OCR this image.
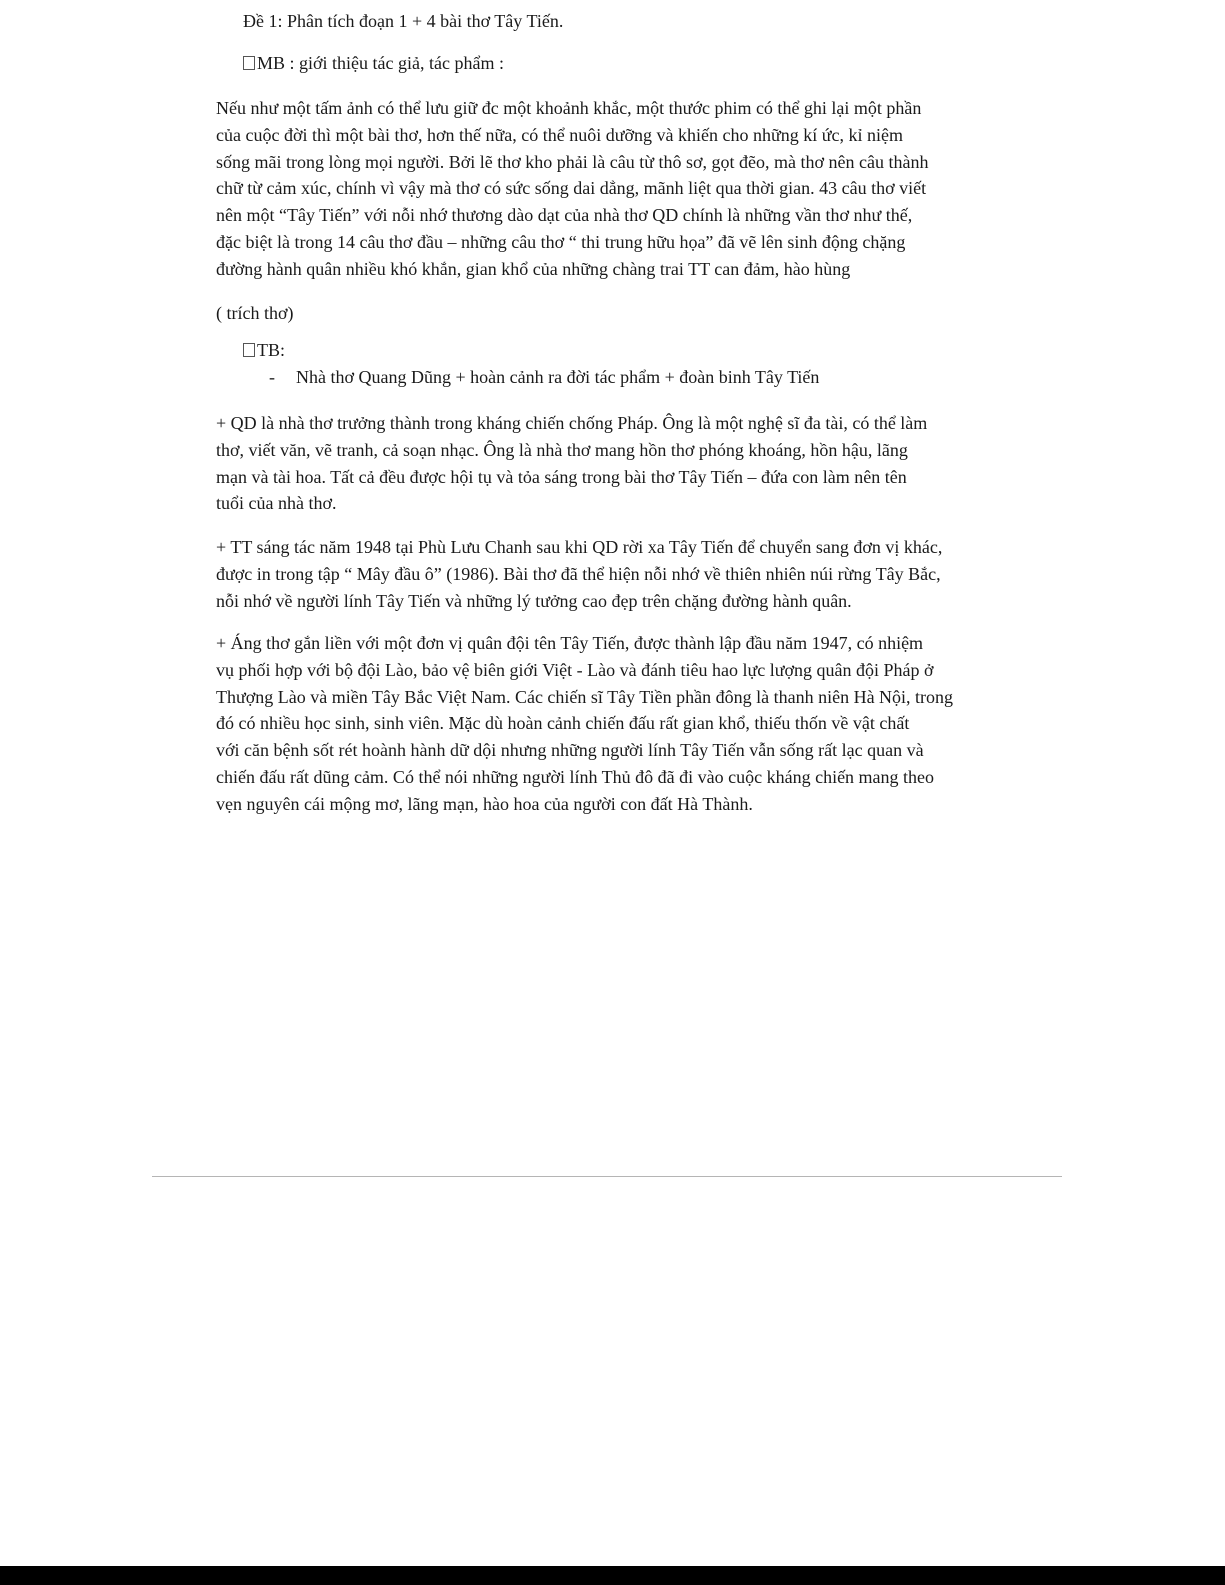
Đề 1: Phân tích đoạn 1 + 4 bài thơ Tây Tiến.
MB : giới thiệu tác giả, tác phẩm :

Nếu như một tấm ảnh có thể lưu giữ đc một khoảnh khắc, một thước phim có thể ghi lại một phần

của cuộc đời thì một bài thơ, hơn thế nữa, có thể nuôi dưỡng và khiến cho những kí ức, kỉ niệm

sống mãi trong lòng mọi người. Bởi lẽ thơ kho phải là câu từ thô sơ, gọt đẽo, mà thơ nên câu thành

chữ từ cảm xúc, chính vì vậy mà thơ có sức sống dai dẳng, mãnh liệt qua thời gian. 43 câu thơ viết

nên một “Tây Tiến” với nỗi nhớ thương dào dạt của nhà thơ QD chính là những vần thơ như thế,

đặc biệt là trong 14 câu thơ đầu – những câu thơ “ thi trung hữu họa” đã vẽ lên sinh động chặng

đường hành quân nhiều khó khắn, gian khổ của những chàng trai TT can đảm, hào hùng

( trích thơ)
TB:
- Nhà thơ Quang Dũng + hoàn cảnh ra đời tác phẩm + đoàn binh Tây Tiến

+ QD là nhà thơ trưởng thành trong kháng chiến chống Pháp. Ông là một nghệ sĩ đa tài, có thể làm

thơ, viết văn, vẽ tranh, cả soạn nhạc. Ông là nhà thơ mang hồn thơ phóng khoáng, hồn hậu, lãng

mạn và tài hoa. Tất cả đều được hội tụ và tỏa sáng trong bài thơ Tây Tiến – đứa con làm nên tên

tuổi của nhà thơ.

+ TT sáng tác năm 1948 tại Phù Lưu Chanh sau khi QD rời xa Tây Tiến để chuyển sang đơn vị khác,

được in trong tập “ Mây đầu ô” (1986). Bài thơ đã thể hiện nỗi nhớ về thiên nhiên núi rừng Tây Bắc,

nỗi nhớ về người lính Tây Tiến và những lý tưởng cao đẹp trên chặng đường hành quân.

+ Áng thơ gắn liền với một đơn vị quân đội tên Tây Tiến, được thành lập đầu năm 1947, có nhiệm

vụ phối hợp với bộ đội Lào, bảo vệ biên giới Việt - Lào và đánh tiêu hao lực lượng quân đội Pháp ở

Thượng Lào và miền Tây Bắc Việt Nam. Các chiến sĩ Tây Tiền phần đông là thanh niên Hà Nội, trong

đó có nhiều học sinh, sinh viên. Mặc dù hoàn cảnh chiến đấu rất gian khổ, thiếu thốn về vật chất

với căn bệnh sốt rét hoành hành dữ dội nhưng những người lính Tây Tiến vẫn sống rất lạc quan và

chiến đấu rất dũng cảm. Có thể nói những người lính Thủ đô đã đi vào cuộc kháng chiến mang theo

vẹn nguyên cái mộng mơ, lãng mạn, hào hoa của người con đất Hà Thành.
